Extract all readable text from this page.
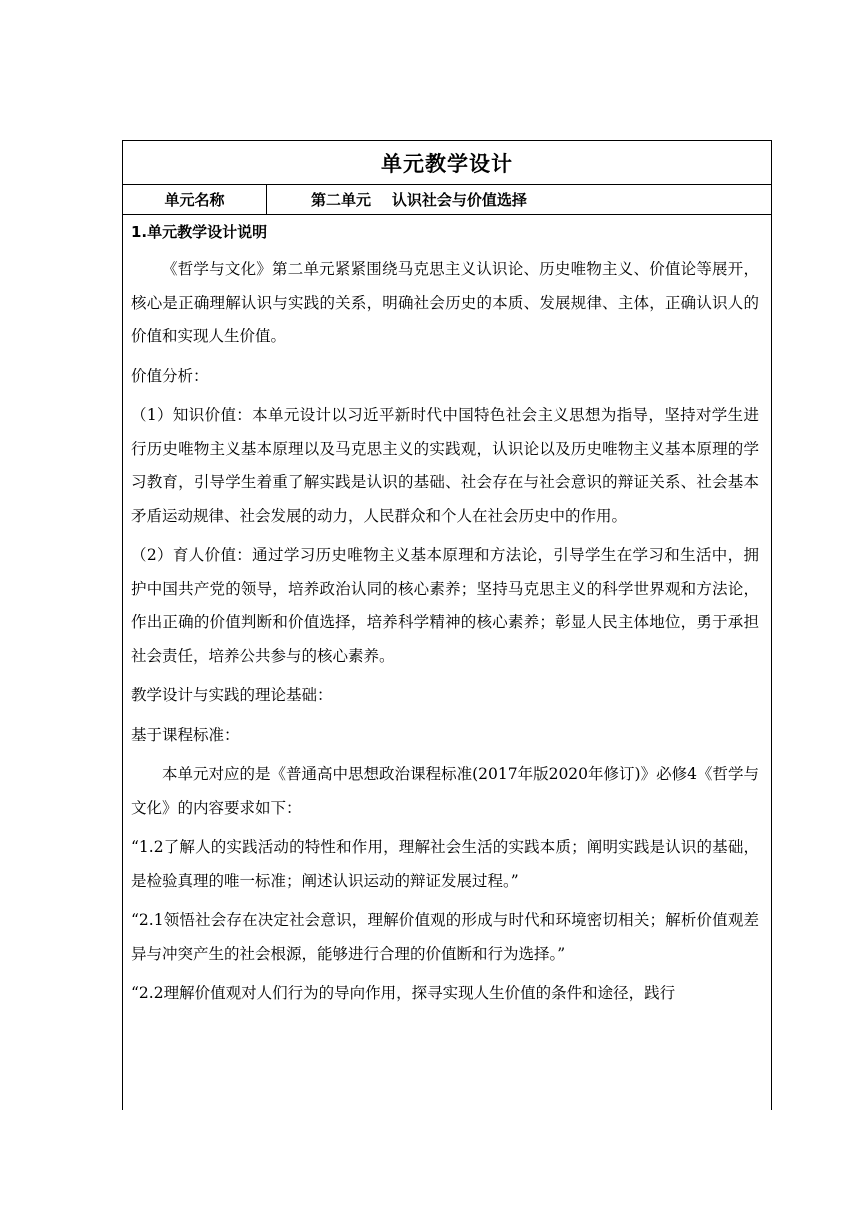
单元教学设计
单元名称	第二单元    认识社会与价值选择
1.单元教学设计说明

《哲学与文化》第二单元紧紧围绕马克思主义认识论、历史唯物主义、价值论等展开，核心是正确理解认识与实践的关系，明确社会历史的本质、发展规律、主体，正确认识人的价值和实现人生价值。

价值分析：

（1）知识价值：本单元设计以习近平新时代中国特色社会主义思想为指导，坚持对学生进行历史唯物主义基本原理以及马克思主义的实践观，认识论以及历史唯物主义基本原理的学习教育，引导学生着重了解实践是认识的基础、社会存在与社会意识的辩证关系、社会基本矛盾运动规律、社会发展的动力，人民群众和个人在社会历史中的作用。

（2）育人价值：通过学习历史唯物主义基本原理和方法论，引导学生在学习和生活中，拥护中国共产党的领导，培养政治认同的核心素养；坚持马克思主义的科学世界观和方法论，作出正确的价值判断和价值选择，培养科学精神的核心素养；彰显人民主体地位，勇于承担社会责任，培养公共参与的核心素养。

教学设计与实践的理论基础：

基于课程标准：

本单元对应的是《普通高中思想政治课程标准(2017年版2020年修订)》必修4《哲学与文化》的内容要求如下：

“1.2了解人的实践活动的特性和作用，理解社会生活的实践本质；阐明实践是认识的基础，是检验真理的唯一标准；阐述认识运动的辩证发展过程。”

“2.1领悟社会存在决定社会意识，理解价值观的形成与时代和环境密切相关；解析价值观差异与冲突产生的社会根源，能够进行合理的价值断和行为选择。”

“2.2理解价值观对人们行为的导向作用，探寻实现人生价值的条件和途径，践行
